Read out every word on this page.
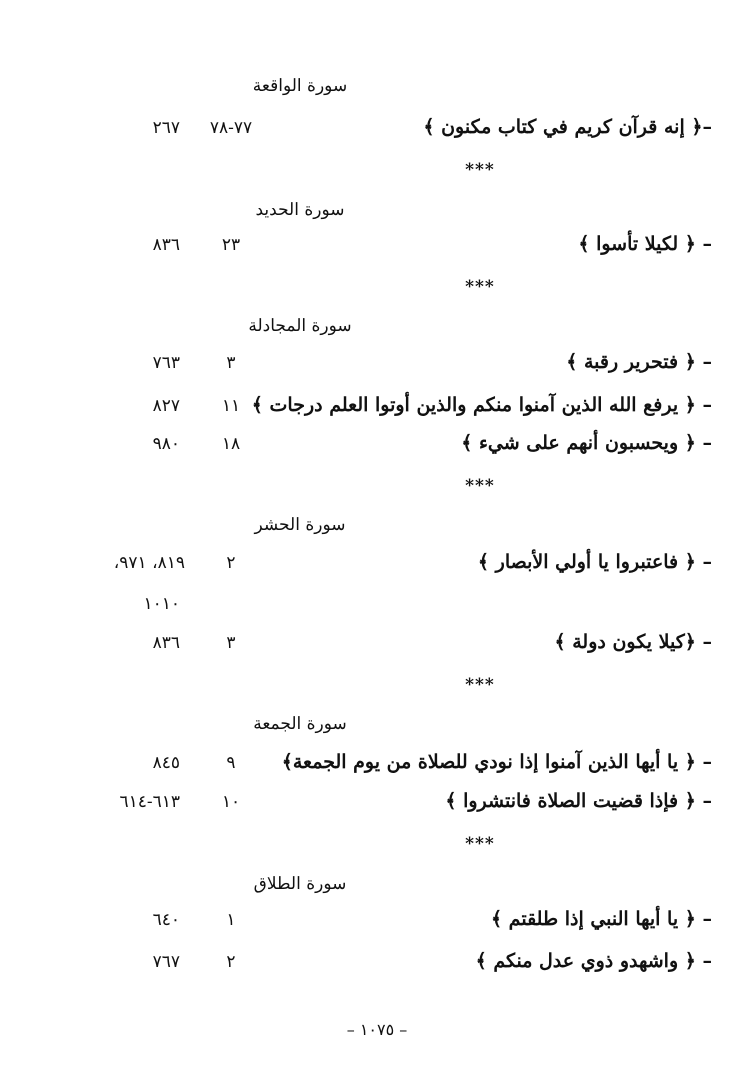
سورة الواقعة
–﴿ إنه قرآن كريم في كتاب مكنون ﴾
٧٧-٧٨
٢٦٧
***
سورة الحديد
– ﴿ لكيلا تأسوا ﴾
٢٣
٨٣٦
***
سورة المجادلة
– ﴿ فتحرير رقبة ﴾
٣
٧٦٣
– ﴿ يرفع الله الذين آمنوا منكم والذين أوتوا العلم درجات ﴾
١١
٨٢٧
– ﴿ ويحسبون أنهم على شيء ﴾
١٨
٩٨٠
***
سورة الحشر
– ﴿ فاعتبروا يا أولي الأبصار ﴾
٢
٨١٩، ٩٧١،
١٠١٠
– ﴿كيلا يكون دولة ﴾
٣
٨٣٦
***
سورة الجمعة
– ﴿ يا أيها الذين آمنوا إذا نودي للصلاة من يوم الجمعة﴾
٩
٨٤٥
– ﴿ فإذا قضيت الصلاة فانتشروا ﴾
١٠
٦١٣-٦١٤
***
سورة الطلاق
– ﴿ يا أيها النبي إذا طلقتم ﴾
١
٦٤٠
– ﴿ واشهدو ذوي عدل منكم ﴾
٢
٧٦٧
– ١٠٧٥ –
